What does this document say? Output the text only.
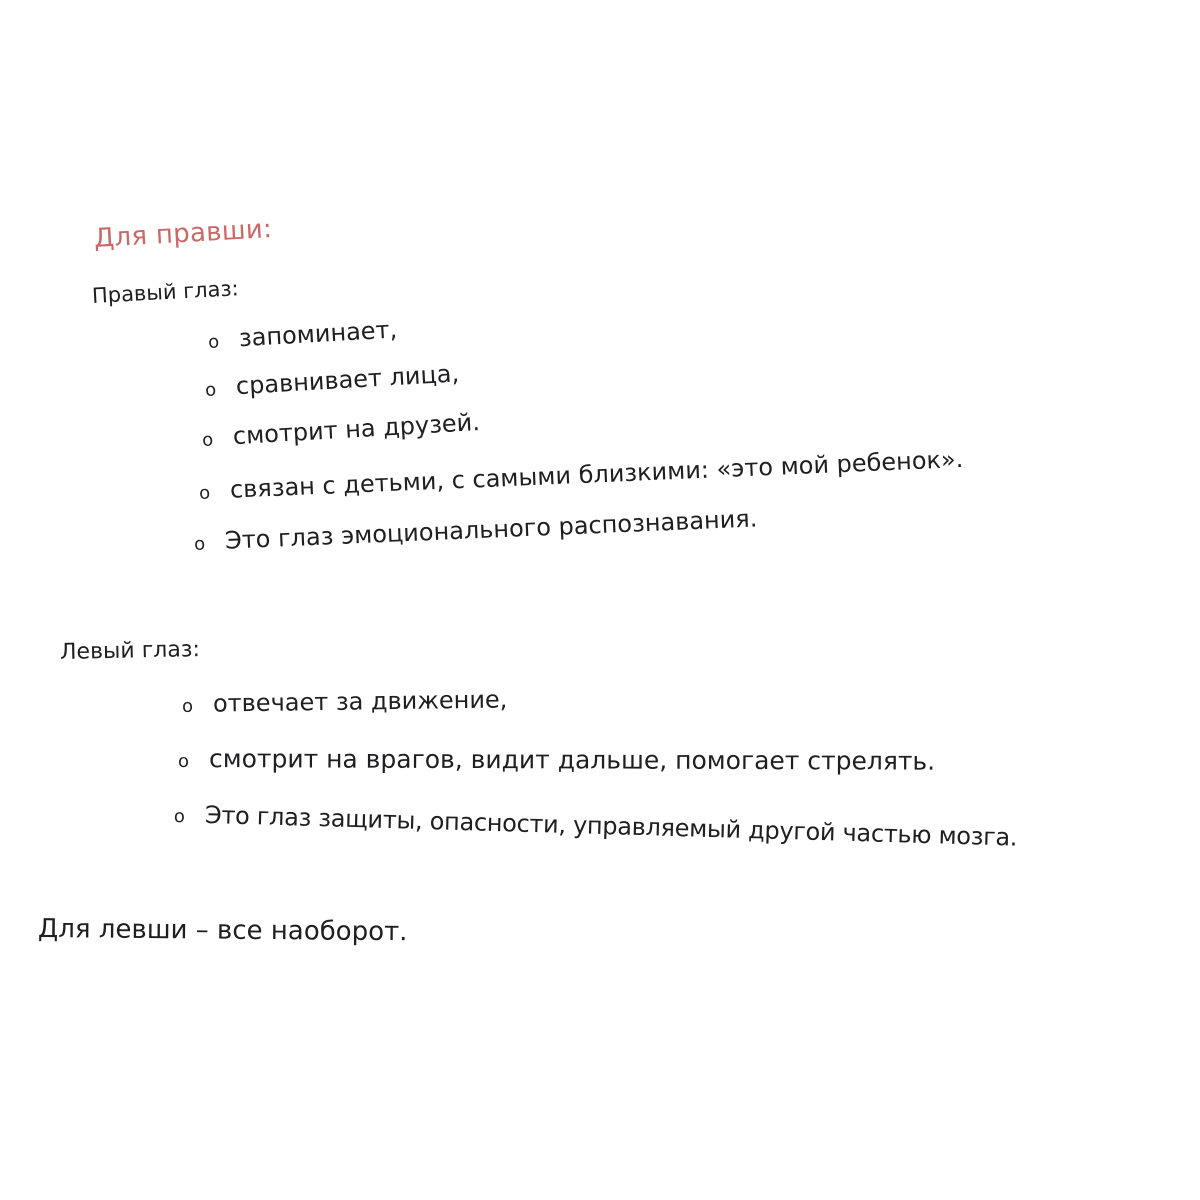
Для правши:
Правый глаз:
o запоминает,
o сравнивает лица,
o смотрит на друзей.
o связан с детьми, с самыми близкими: «это мой ребенок».
o Это глаз эмоционального распознавания.
Левый глаз:
o отвечает за движение,
o смотрит на врагов, видит дальше, помогает стрелять.
o Это глаз защиты, опасности, управляемый другой частью мозга.
Для левши – все наоборот.
